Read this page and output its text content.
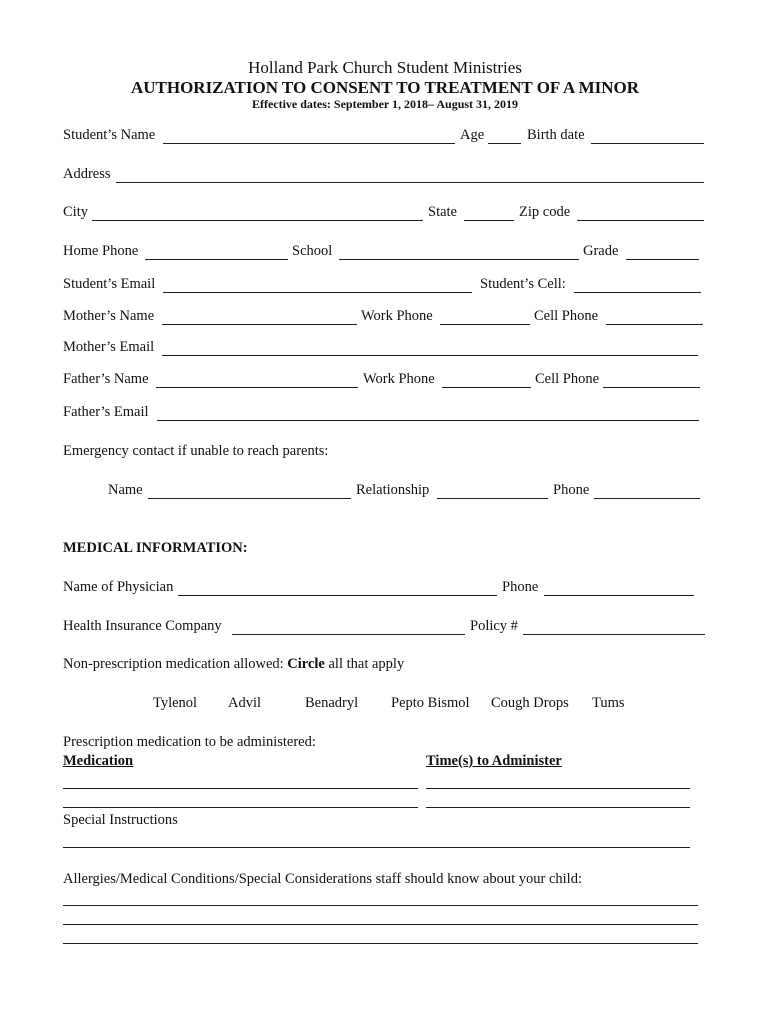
Holland Park Church Student Ministries
AUTHORIZATION TO CONSENT TO TREATMENT OF A MINOR
Effective dates: September 1, 2018– August 31, 2019
Student’s Name	Age	Birth date
Address
City	State	Zip code
Home Phone	School	Grade
Student’s Email	Student’s Cell:
Mother’s Name	Work Phone	Cell Phone
Mother’s Email
Father’s Name	Work Phone	Cell Phone
Father’s Email
Emergency contact if unable to reach parents:
Name	Relationship	Phone
MEDICAL INFORMATION:
Name of Physician	Phone
Health Insurance Company	Policy #
Non-prescription medication allowed: Circle all that apply
Tylenol Advil	Benadryl Pepto Bismol Cough Drops Tums
Prescription medication to be administered:
Medication	Time(s) to Administer
Special Instructions
Allergies/Medical Conditions/Special Considerations staff should know about your child:
